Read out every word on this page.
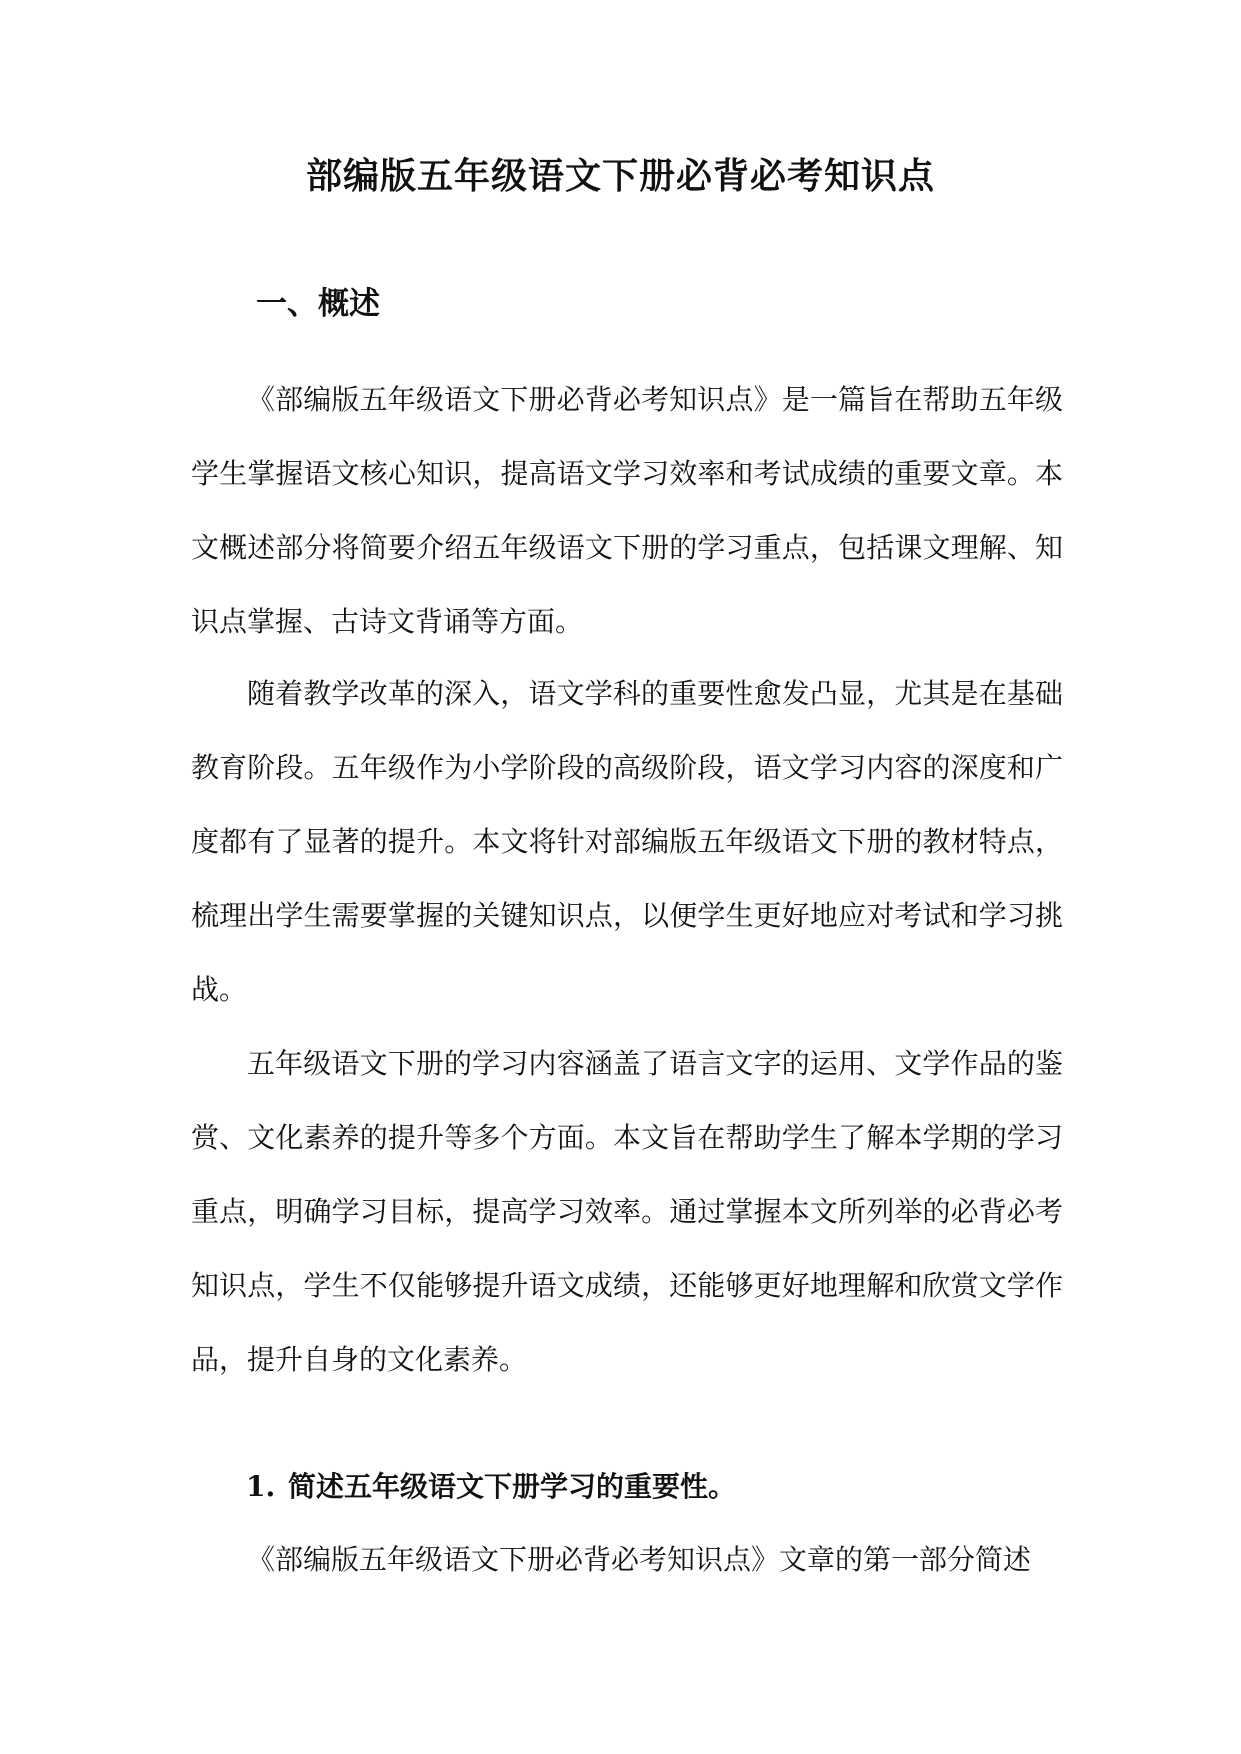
部编版五年级语文下册必背必考知识点
一、概述

《部编版五年级语文下册必背必考知识点》是一篇旨在帮助五年级学生掌握语文核心知识，提高语文学习效率和考试成绩的重要文章。本文概述部分将简要介绍五年级语文下册的学习重点，包括课文理解、知识点掌握、古诗文背诵等方面。

随着教学改革的深入，语文学科的重要性愈发凸显，尤其是在基础教育阶段。五年级作为小学阶段的高级阶段，语文学习内容的深度和广度都有了显著的提升。本文将针对部编版五年级语文下册的教材特点，梳理出学生需要掌握的关键知识点，以便学生更好地应对考试和学习挑战。

五年级语文下册的学习内容涵盖了语言文字的运用、文学作品的鉴赏、文化素养的提升等多个方面。本文旨在帮助学生了解本学期的学习重点，明确学习目标，提高学习效率。通过掌握本文所列举的必背必考知识点，学生不仅能够提升语文成绩，还能够更好地理解和欣赏文学作品，提升自身的文化素养。

1. 简述五年级语文下册学习的重要性。

《部编版五年级语文下册必背必考知识点》文章的第一部分简述
